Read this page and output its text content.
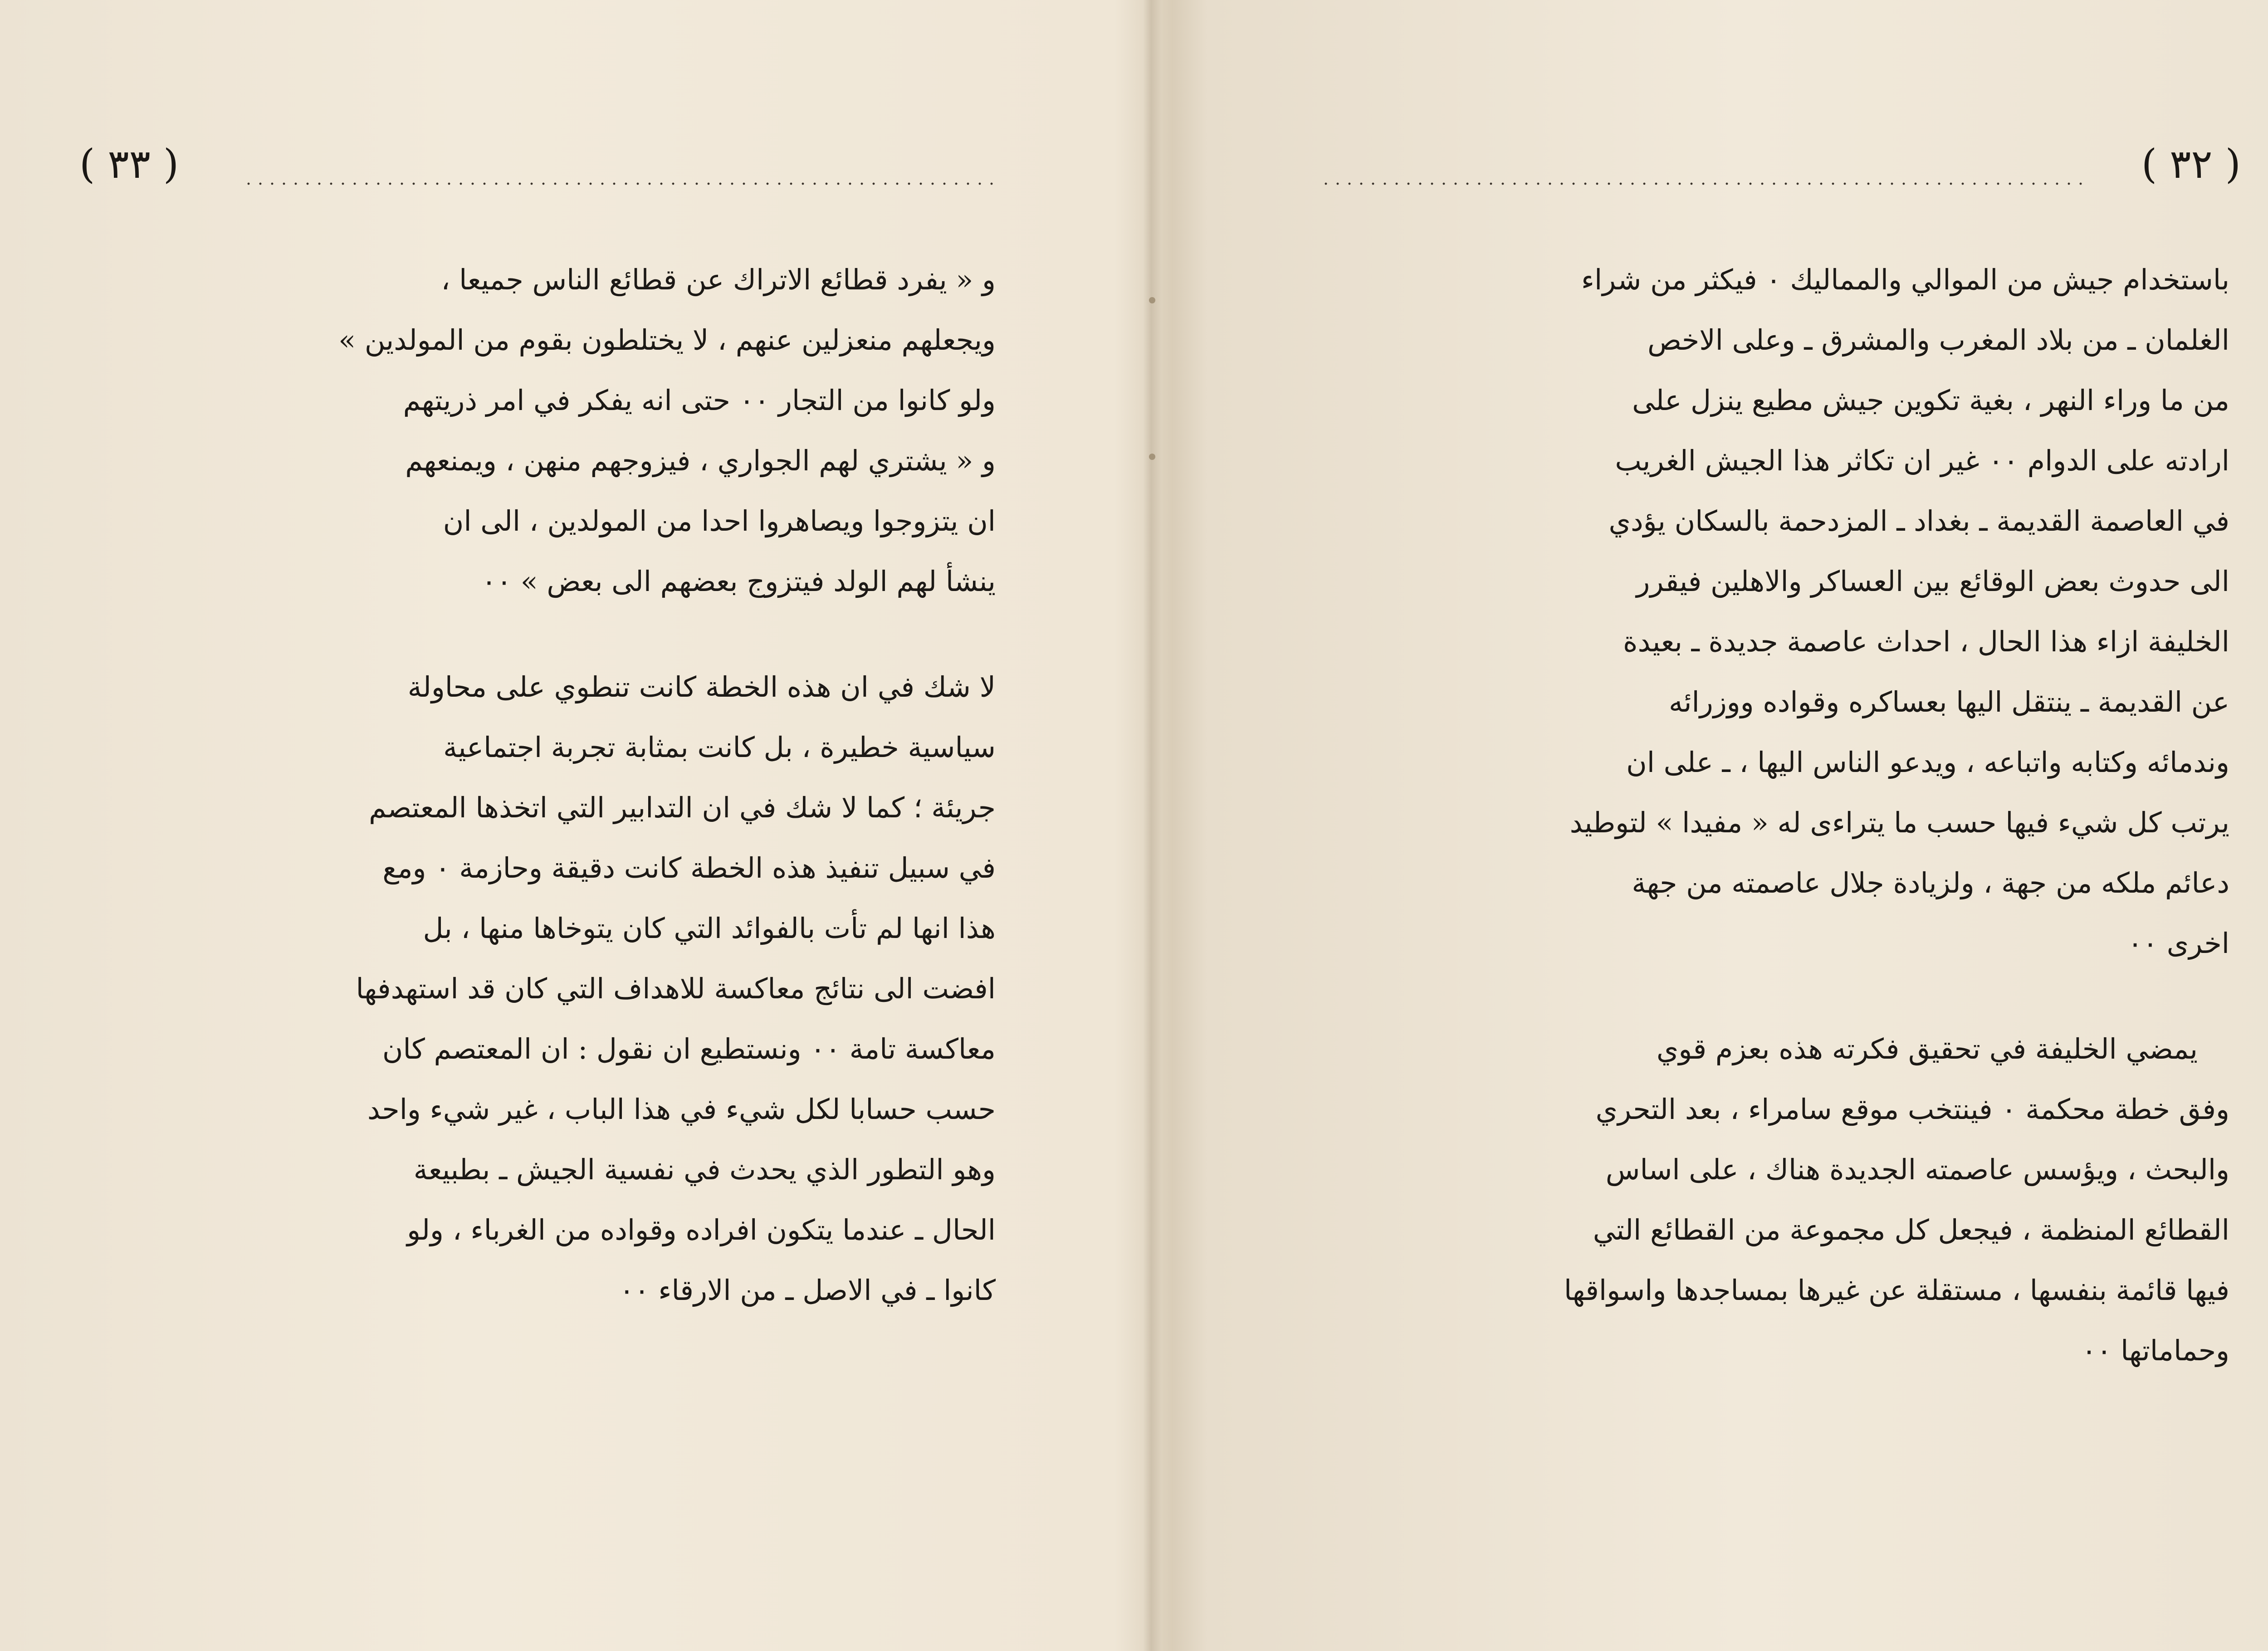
( ٣٣ )
و « يفرد قطائع الاتراك عن قطائع الناس جميعا ،
ويجعلهم منعزلين عنهم ، لا يختلطون بقوم من المولدين »
ولو كانوا من التجار ٠٠ حتى انه يفكر في امر ذريتهم
و « يشتري لهم الجواري ، فيزوجهم منهن ، ويمنعهم
ان يتزوجوا ويصاهروا احدا من المولدين ، الى ان
ينشأ لهم الولد فيتزوج بعضهم الى بعض » ٠٠
لا شك في ان هذه الخطة كانت تنطوي على محاولة
سياسية خطيرة ، بل كانت بمثابة تجربة اجتماعية
جريئة ؛ كما لا شك في ان التدابير التي اتخذها المعتصم
في سبيل تنفيذ هذه الخطة كانت دقيقة وحازمة ٠ ومع
هذا انها لم تأت بالفوائد التي كان يتوخاها منها ، بل
افضت الى نتائج معاكسة للاهداف التي كان قد استهدفها
معاكسة تامة ٠٠ ونستطيع ان نقول : ان المعتصم كان
حسب حسابا لكل شيء في هذا الباب ، غير شيء واحد
وهو التطور الذي يحدث في نفسية الجيش ـ بطبيعة
الحال ـ عندما يتكون افراده وقواده من الغرباء ، ولو
كانوا ـ في الاصل ـ من الارقاء ٠٠
( ٣٢ )
باستخدام جيش من الموالي والمماليك ٠ فيكثر من شراء
الغلمان ـ من بلاد المغرب والمشرق ـ وعلى الاخص
من ما وراء النهر ، بغية تكوين جيش مطيع ينزل على
ارادته على الدوام ٠٠ غير ان تكاثر هذا الجيش الغريب
في العاصمة القديمة ـ بغداد ـ المزدحمة بالسكان يؤدي
الى حدوث بعض الوقائع بين العساكر والاهلين فيقرر
الخليفة ازاء هذا الحال ، احداث عاصمة جديدة ـ بعيدة
عن القديمة ـ ينتقل اليها بعساكره وقواده ووزرائه
وندمائه وكتابه واتباعه ، ويدعو الناس اليها ، ـ على ان
يرتب كل شيء فيها حسب ما يتراءى له « مفيدا » لتوطيد
دعائم ملكه من جهة ، ولزيادة جلال عاصمته من جهة
اخرى ٠٠
يمضي الخليفة في تحقيق فكرته هذه بعزم قوي
وفق خطة محكمة ٠ فينتخب موقع سامراء ، بعد التحري
والبحث ، ويؤسس عاصمته الجديدة هناك ، على اساس
القطائع المنظمة ، فيجعل كل مجموعة من القطائع التي
فيها قائمة بنفسها ، مستقلة عن غيرها بمساجدها واسواقها
وحماماتها ٠٠
